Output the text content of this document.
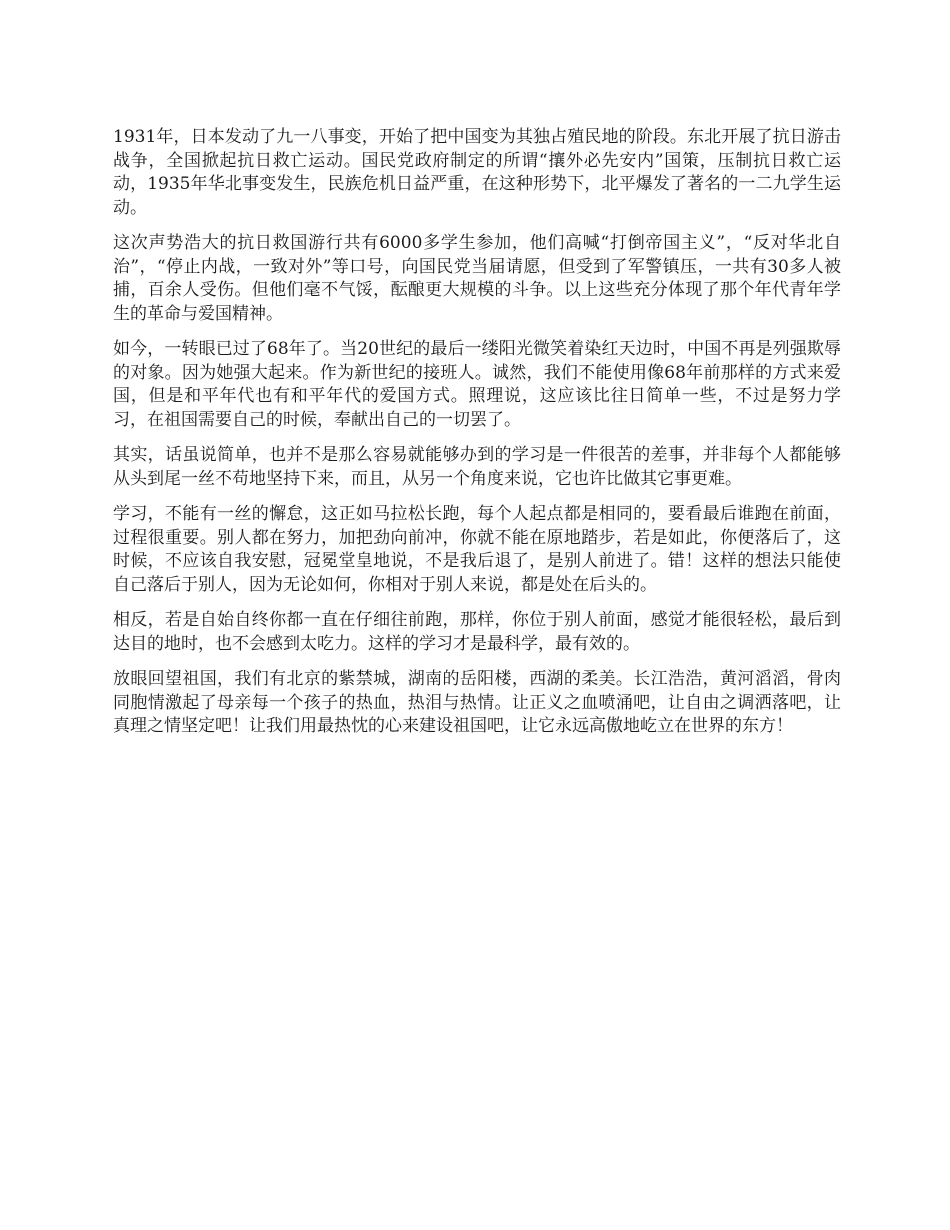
1931年，日本发动了九一八事变，开始了把中国变为其独占殖民地的阶段。东北开展了抗日游击战争，全国掀起抗日救亡运动。国民党政府制定的所谓“攘外必先安内”国策，压制抗日救亡运动，1935年华北事变发生，民族危机日益严重，在这种形势下，北平爆发了著名的一二九学生运动。

这次声势浩大的抗日救国游行共有6000多学生参加，他们高喊“打倒帝国主义”，“反对华北自治”，“停止内战，一致对外”等口号，向国民党当届请愿，但受到了军警镇压，一共有30多人被捕，百余人受伤。但他们毫不气馁，酝酿更大规模的斗争。以上这些充分体现了那个年代青年学生的革命与爱国精神。

如今，一转眼已过了68年了。当20世纪的最后一缕阳光微笑着染红天边时，中国不再是列强欺辱的对象。因为她强大起来。作为新世纪的接班人。诚然，我们不能使用像68年前那样的方式来爱国，但是和平年代也有和平年代的爱国方式。照理说，这应该比往日简单一些，不过是努力学习，在祖国需要自己的时候，奉献出自己的一切罢了。

其实，话虽说简单，也并不是那么容易就能够办到的学习是一件很苦的差事，并非每个人都能够从头到尾一丝不苟地坚持下来，而且，从另一个角度来说，它也许比做其它事更难。

学习，不能有一丝的懈怠，这正如马拉松长跑，每个人起点都是相同的，要看最后谁跑在前面，过程很重要。别人都在努力，加把劲向前冲，你就不能在原地踏步，若是如此，你便落后了，这时候，不应该自我安慰，冠冕堂皇地说，不是我后退了，是别人前进了。错！这样的想法只能使自己落后于别人，因为无论如何，你相对于别人来说，都是处在后头的。

相反，若是自始自终你都一直在仔细往前跑，那样，你位于别人前面，感觉才能很轻松，最后到达目的地时，也不会感到太吃力。这样的学习才是最科学，最有效的。

放眼回望祖国，我们有北京的紫禁城，湖南的岳阳楼，西湖的柔美。长江浩浩，黄河滔滔，骨肉同胞情激起了母亲每一个孩子的热血，热泪与热情。让正义之血喷涌吧，让自由之调洒落吧，让真理之情坚定吧！让我们用最热忱的心来建设祖国吧，让它永远高傲地屹立在世界的东方！
